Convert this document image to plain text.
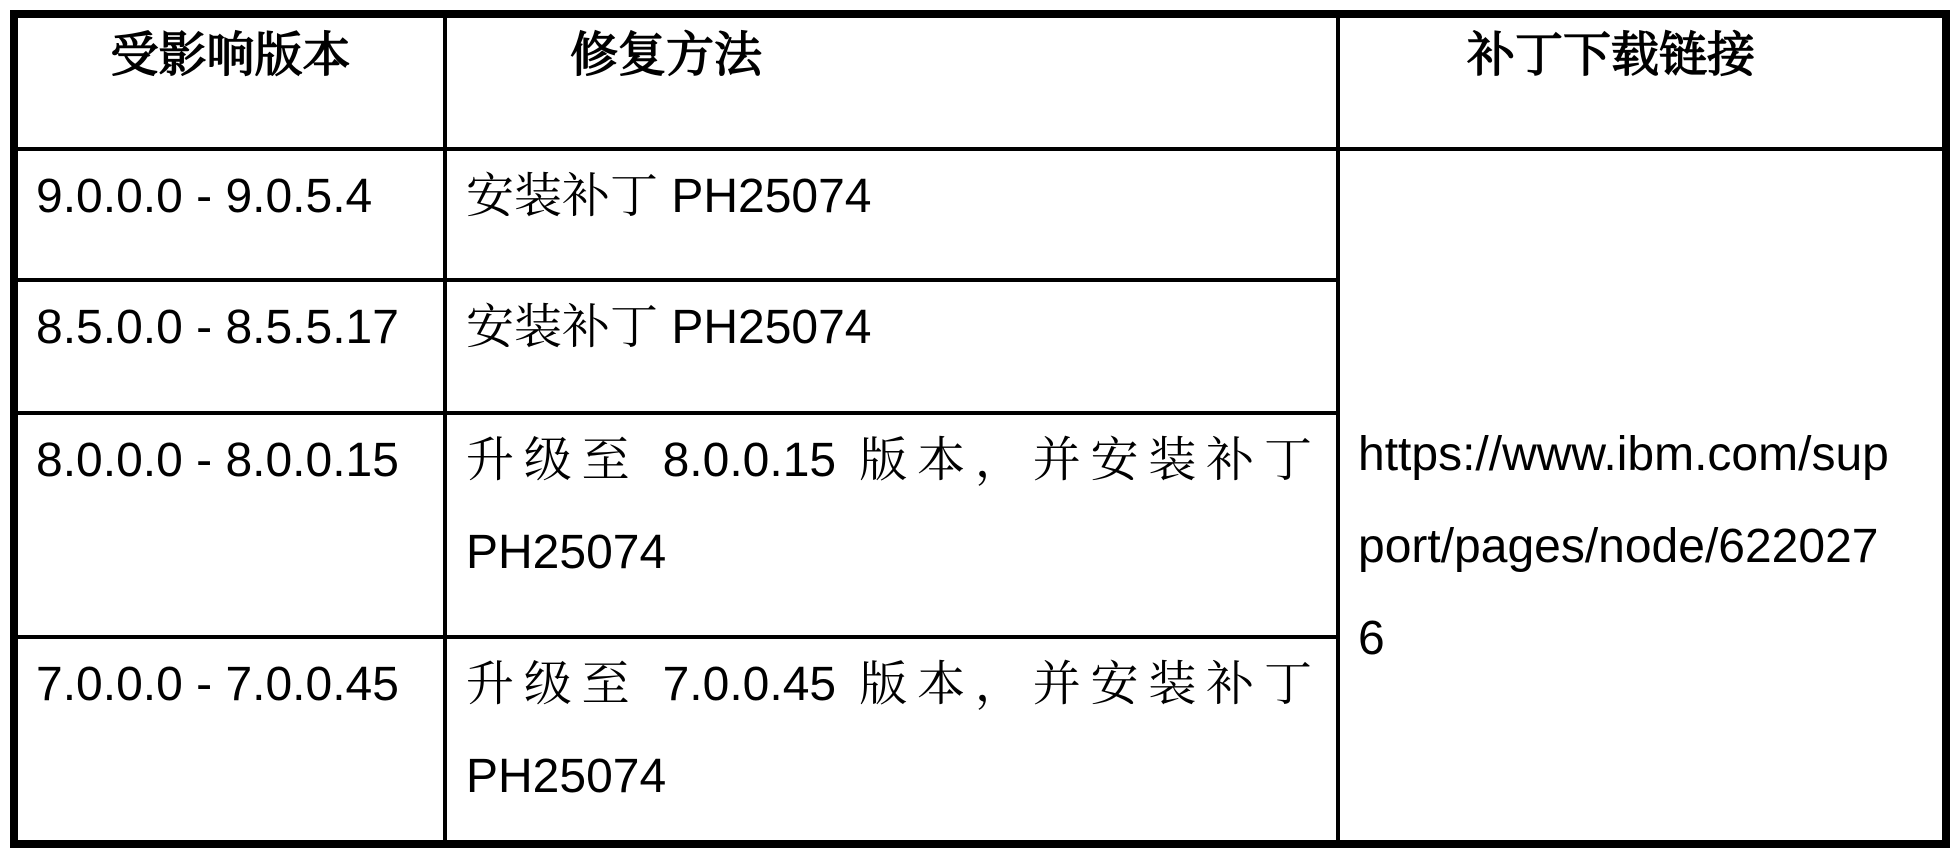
受影响版本	修复方法	补丁下载链接
9.0.0.0 - 9.0.5.4	安装补丁 PH25074	https://www.ibm.com/sup
port/pages/node/622027
6

8.5.0.0 - 8.5.5.17	安装补丁 PH25074	

8.0.0.0 - 8.0.0.15	升级至 8.0.0.15 版本，并安装补丁
PH25074	

7.0.0.0 - 7.0.0.45	升级至 7.0.0.45 版本，并安装补丁
PH25074	
